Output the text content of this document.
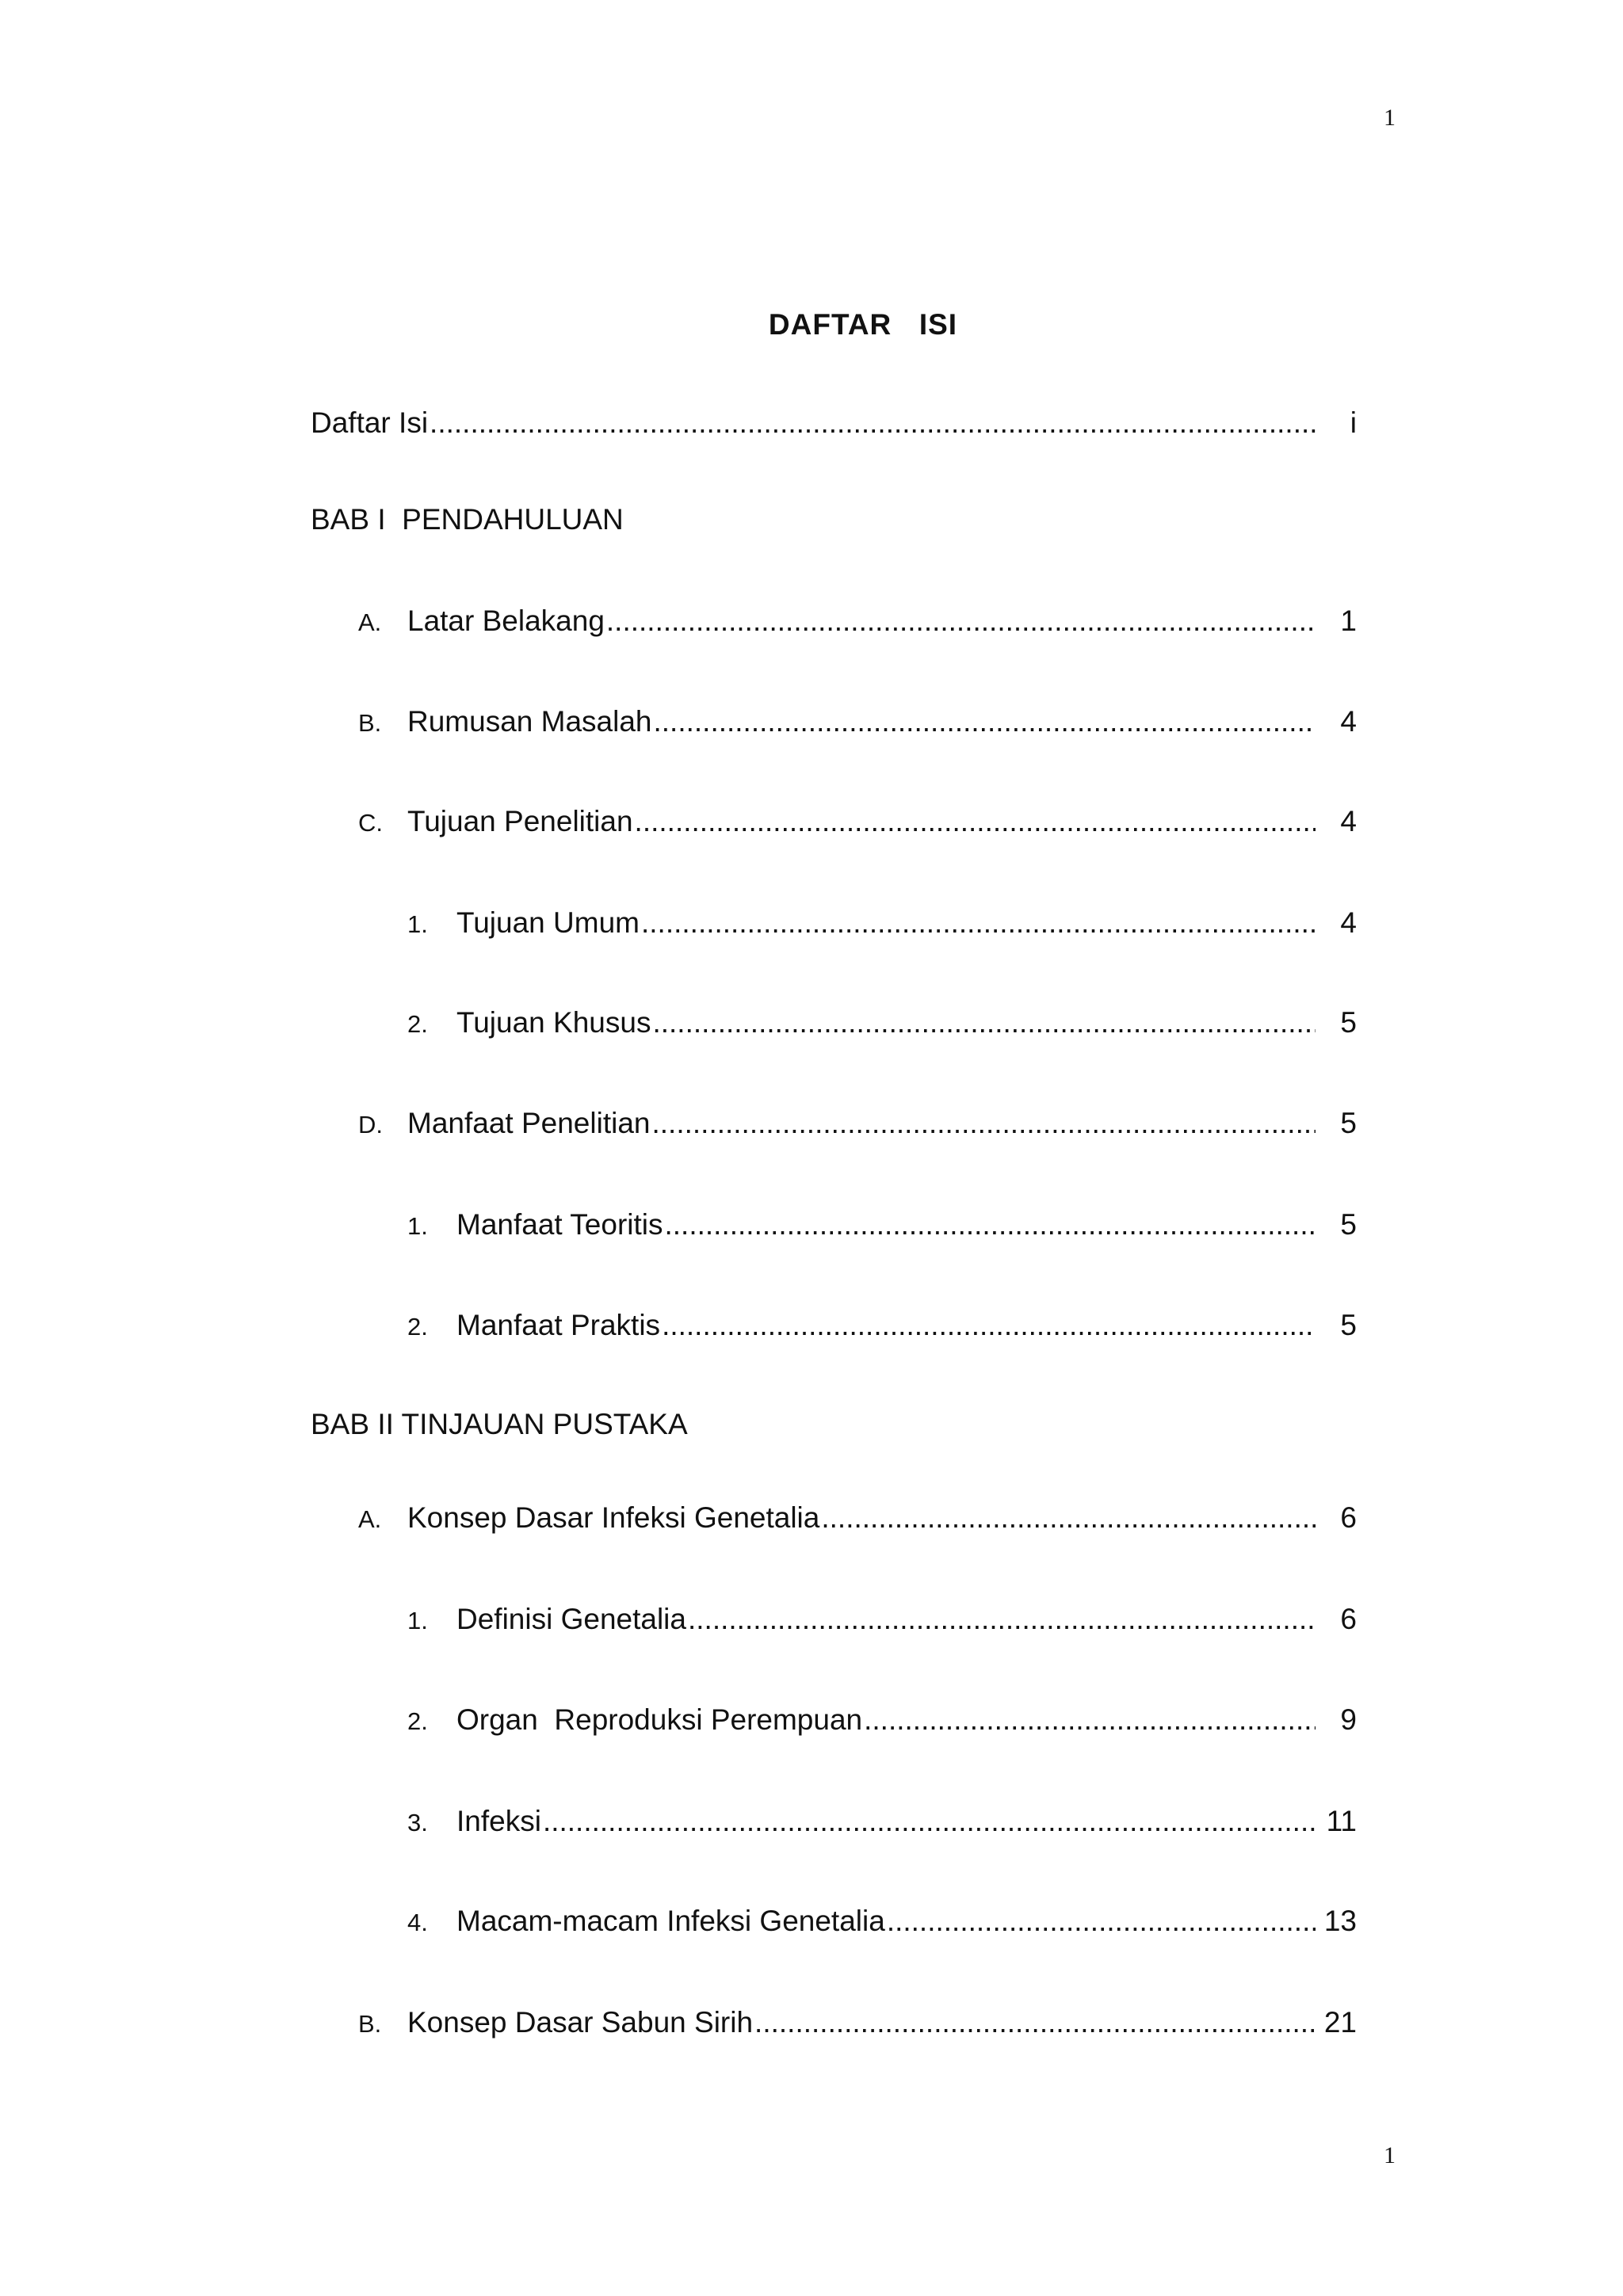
1
DAFTAR  ISI
Daftar Isi .....	i
BAB I  PENDAHULUAN
A. Latar Belakang .....	1
B. Rumusan Masalah .....	4
C. Tujuan Penelitian .....	4
1. Tujuan Umum .....	4
2. Tujuan Khusus .....	5
D. Manfaat Penelitian .....	5
1. Manfaat Teoritis .....	5
2. Manfaat Praktis .....	5
BAB II TINJAUAN PUSTAKA
A. Konsep Dasar Infeksi Genetalia .....	6
1. Definisi Genetalia .....	6
2. Organ  Reproduksi Perempuan .....	9
3. Infeksi .....	11
4. Macam-macam Infeksi Genetalia .....	13
B. Konsep Dasar Sabun Sirih .....	21
1
